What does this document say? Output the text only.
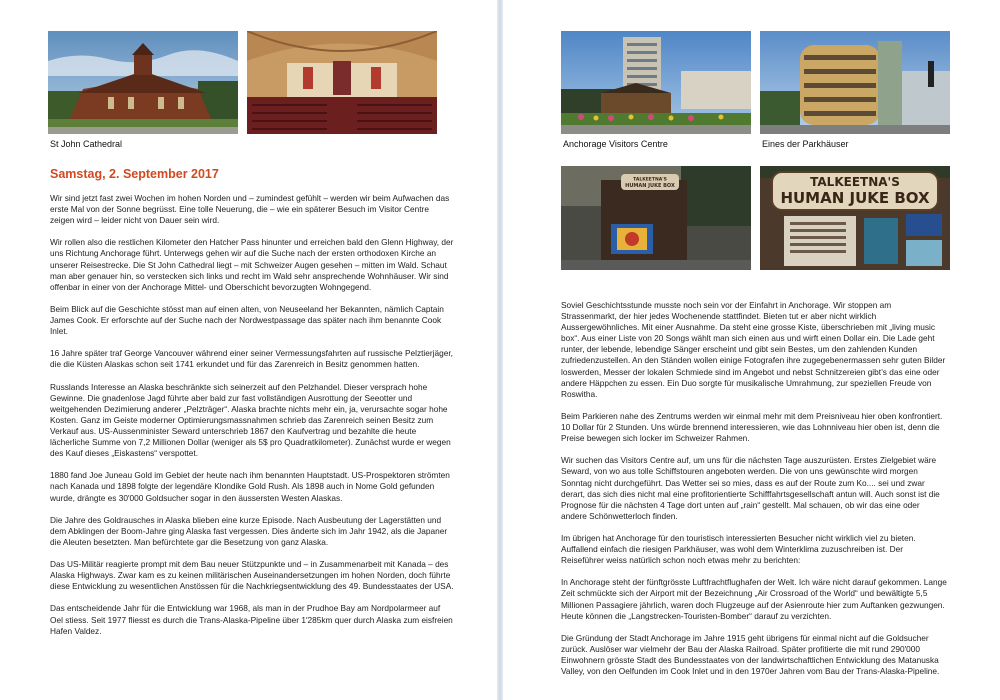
St John Cathedral
Samstag, 2. September 2017

Wir sind jetzt fast zwei Wochen im hohen Norden und – zumindest gefühlt – werden wir beim Aufwachen das erste Mal von der Sonne begrüsst. Eine tolle Neuerung, die – wie ein späterer Besuch im Visitor Centre zeigen wird – leider nicht von Dauer sein wird.

Wir rollen also die restlichen Kilometer den Hatcher Pass hinunter und erreichen bald den Glenn Highway, der uns Richtung Anchorage führt. Unterwegs gehen wir auf die Suche nach der ersten orthodoxen Kirche an unserer Reisestrecke. Die St John Cathedral liegt – mit Schweizer Augen gesehen – mitten im Wald. Schaut man aber genauer hin, so verstecken sich links und recht im Wald sehr ansprechende Wohnhäuser. Wir sind offenbar in einer von der Anchorage Mittel- und Oberschicht bevorzugten Wohngegend.

Beim Blick auf die Geschichte stösst man auf einen alten, von Neuseeland her Bekannten, nämlich Captain James Cook. Er erforschte auf der Suche nach der Nordwestpassage das später nach ihm benannte Cook Inlet.

16 Jahre später traf George Vancouver während einer seiner Vermessungsfahrten auf russische Pelztierjäger, die die Küsten Alaskas schon seit 1741 erkundet und für das Zarenreich in Besitz genommen hatten.

Russlands Interesse an Alaska beschränkte sich seinerzeit auf den Pelzhandel. Dieser versprach hohe Gewinne. Die gnadenlose Jagd führte aber bald zur fast vollständigen Ausrottung der Seeotter und weitgehenden Dezimierung anderer „Pelzträger“. Alaska brachte nichts mehr ein, ja, verursachte sogar hohe Kosten. Ganz im Geiste moderner Optimierungsmassnahmen schrieb das Zarenreich seinen Besitz zum Verkauf aus. US-Aussenminister Seward unterschrieb 1867 den Kaufvertrag und bezahlte die heute lächerliche Summe von 7,2 Millionen Dollar (weniger als 5$ pro Quadratkilometer). Zunächst wurde er wegen des Kauf dieses „Eiskastens“ verspottet.

1880 fand Joe Juneau Gold im Gebiet der heute nach ihm benannten Hauptstadt. US-Prospektoren strömten nach Kanada und 1898 folgte der legendäre Klondike Gold Rush. Als 1898 auch in Nome Gold gefunden wurde, drängte es 30'000 Goldsucher sogar in den äussersten Westen Alaskas.

Die Jahre des Goldrausches in Alaska blieben eine kurze Episode. Nach Ausbeutung der Lagerstätten und dem Abklingen der Boom-Jahre ging Alaska fast vergessen. Dies änderte sich im Jahr 1942, als die Japaner die Aleuten besetzten. Man befürchtete gar die Besetzung von ganz Alaska.

Das US-Militär reagierte prompt mit dem Bau neuer Stützpunkte und – in Zusammenarbeit mit Kanada – des Alaska Highways. Zwar kam es zu keinen militärischen Auseinandersetzungen im hohen Norden, doch führte diese Entwicklung zu wesentlichen Anstössen für die Nachkriegsentwicklung des 49. Bundesstaates der USA.

Das entscheidende Jahr für die Entwicklung war 1968, als man in der Prudhoe Bay am Nordpolarmeer auf Oel stiess. Seit 1977 fliesst es durch die Trans-Alaska-Pipeline über 1'285km quer durch Alaska zum eisfreien Hafen Valdez.

Anchorage Visitors Centre	Eines der Parkhäuser
TALKEETNA'S
HUMAN JUKE BOX	TALKEETNA'S
HUMAN JUKE BOX

Soviel Geschichtsstunde musste noch sein vor der Einfahrt in Anchorage. Wir stoppen am Strassenmarkt, der hier jedes Wochenende stattfindet. Bieten tut er aber nicht wirklich Aussergewöhnliches. Mit einer Ausnahme. Da steht eine grosse Kiste, überschrieben mit „living music box“. Aus einer Liste von 20 Songs wählt man sich einen aus und wirft einen Dollar ein. Die Lade geht runter, der lebende, lebendige Sänger erscheint und gibt sein Bestes, um den zahlenden Kunden zufriedenzustellen. An den Ständen wollen einige Fotografen ihre zugegebenermassen sehr guten Bilder loswerden, Messer der lokalen Schmiede sind im Angebot und nebst Schnitzereien gibt’s das eine oder andere Häppchen zu essen. Ein Duo sorgte für musikalische Umrahmung, zur speziellen Freude von Roswitha.

Beim Parkieren nahe des Zentrums werden wir einmal mehr mit dem Preisniveau hier oben konfrontiert. 10 Dollar für 2 Stunden. Uns würde brennend interessieren, wie das Lohnniveau hier oben ist, denn die Preise bewegen sich locker im Schweizer Rahmen.

Wir suchen das Visitors Centre auf, um uns für die nächsten Tage auszurüsten. Erstes Zielgebiet wäre Seward, von wo aus tolle Schiffstouren angeboten werden. Die von uns gewünschte wird morgen Sonntag nicht durchgeführt. Das Wetter sei so mies, dass es auf der Route zum Ko.... sei und zwar derart, das sich dies nicht mal eine profitorientierte Schifffahrtsgesellschaft antun will. Auch sonst ist die Prognose für die nächsten 4 Tage dort unten auf „rain“ gestellt. Mal schauen, ob wir das eine oder andere Schönwetterloch finden.

Im übrigen hat Anchorage für den touristisch interessierten Besucher nicht wirklich viel zu bieten. Auffallend einfach die riesigen Parkhäuser, was wohl dem Winterklima zuzuschreiben ist. Der Reiseführer weiss natürlich schon noch etwas mehr zu berichten:

In Anchorage steht der fünftgrösste Luftfrachtflughafen der Welt. Ich wäre nicht darauf gekommen. Lange Zeit schmückte sich der Airport mit der Bezeichnung „Air Crossroad of the World“ und bewältigte 5,5 Millionen Passagiere jährlich, waren doch Flugzeuge auf der Asienroute hier zum Auftanken gezwungen. Heute können die „Langstrecken-Touristen-Bomber“ darauf zu verzichten.

Die Gründung der Stadt Anchorage im Jahre 1915 geht übrigens für einmal nicht auf die Goldsucher zurück. Auslöser war vielmehr der Bau der Alaska Railroad. Später profitierte die mit rund 290'000 Einwohnern grösste Stadt des Bundesstaates von der landwirtschaftlichen Entwicklung des Matanuska Valley, von den Oelfunden im Cook Inlet und in den 1970er Jahren vom Bau der Trans-Alaska-Pipeline.
